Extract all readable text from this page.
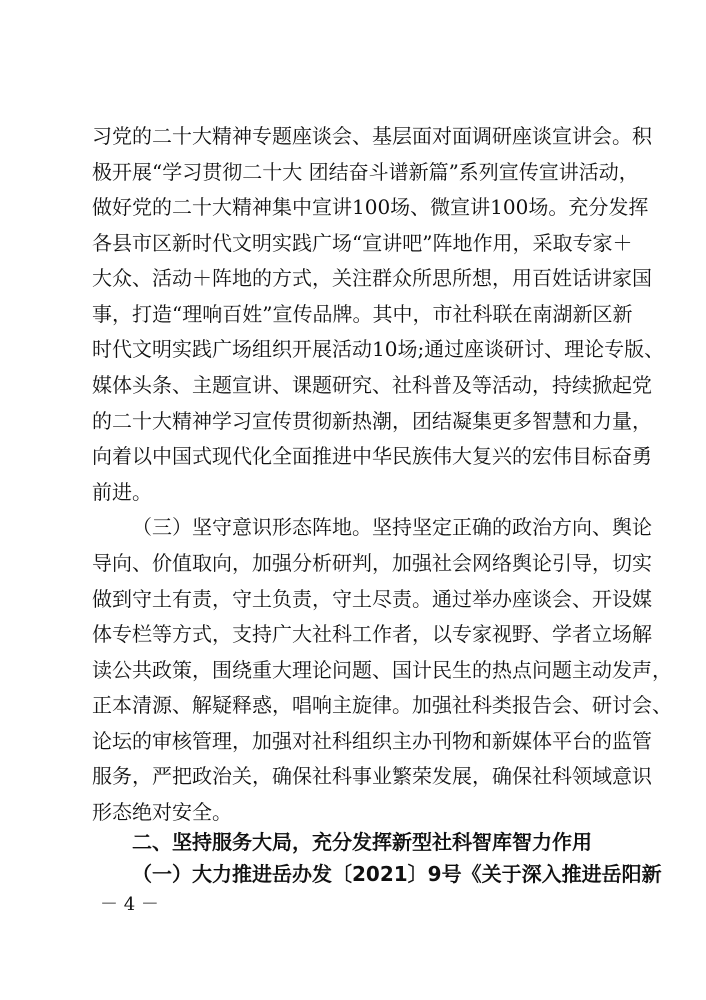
习党的二十大精神专题座谈会、基层面对面调研座谈宣讲会。积
极开展“学习贯彻二十大 团结奋斗谱新篇”系列宣传宣讲活动，
做好党的二十大精神集中宣讲100场、微宣讲100场。充分发挥
各县市区新时代文明实践广场“宣讲吧”阵地作用，采取专家＋
大众、活动＋阵地的方式，关注群众所思所想，用百姓话讲家国
事，打造“理响百姓”宣传品牌。其中，市社科联在南湖新区新
时代文明实践广场组织开展活动10场;通过座谈研讨、理论专版、
媒体头条、主题宣讲、课题研究、社科普及等活动，持续掀起党
的二十大精神学习宣传贯彻新热潮，团结凝集更多智慧和力量，
向着以中国式现代化全面推进中华民族伟大复兴的宏伟目标奋勇
前进。
（三）坚守意识形态阵地。坚持坚定正确的政治方向、舆论
导向、价值取向，加强分析研判，加强社会网络舆论引导，切实
做到守土有责，守土负责，守土尽责。通过举办座谈会、开设媒
体专栏等方式，支持广大社科工作者，以专家视野、学者立场解
读公共政策，围绕重大理论问题、国计民生的热点问题主动发声，
正本清源、解疑释惑，唱响主旋律。加强社科类报告会、研讨会、
论坛的审核管理，加强对社科组织主办刊物和新媒体平台的监管
服务，严把政治关，确保社科事业繁荣发展，确保社科领域意识
形态绝对安全。
二、坚持服务大局，充分发挥新型社科智库智力作用
（一）大力推进岳办发〔2021〕9号《关于深入推进岳阳新
－ 4 －
